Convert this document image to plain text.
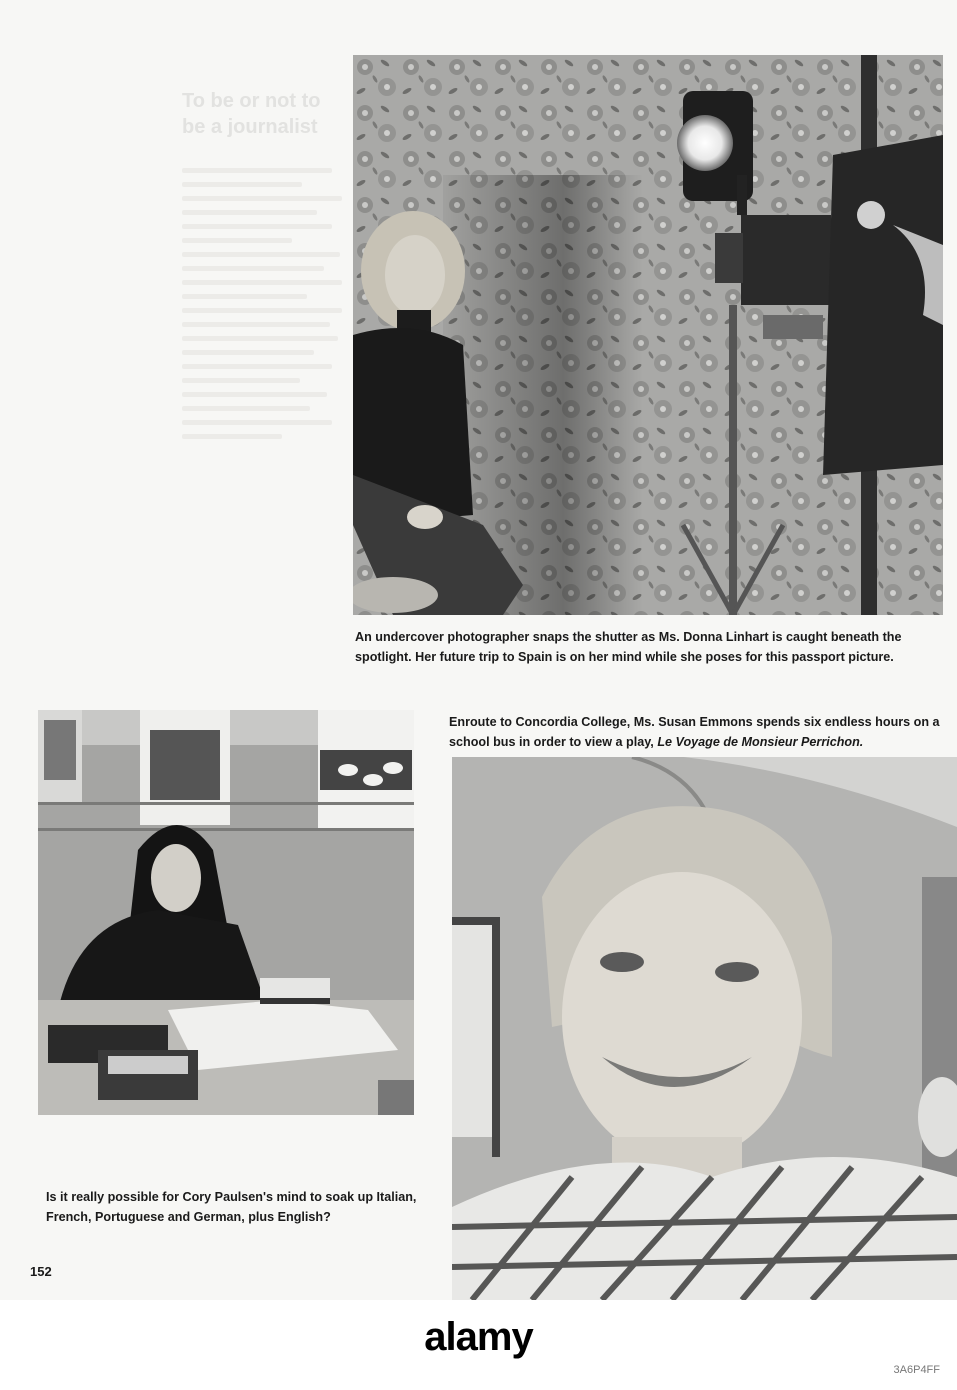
To be or not to be a journalist

An undercover photographer snaps the shutter as Ms. Donna Linhart is caught beneath the spotlight. Her future trip to Spain is on her mind while she poses for this passport picture.

Is it really possible for Cory Paulsen's mind to soak up Italian, French, Portuguese and German, plus English?

Enroute to Concordia College, Ms. Susan Emmons spends six endless hours on a school bus in order to view a play, Le Voyage de Monsieur Perrichon.

152
alamy
3A6P4FF
